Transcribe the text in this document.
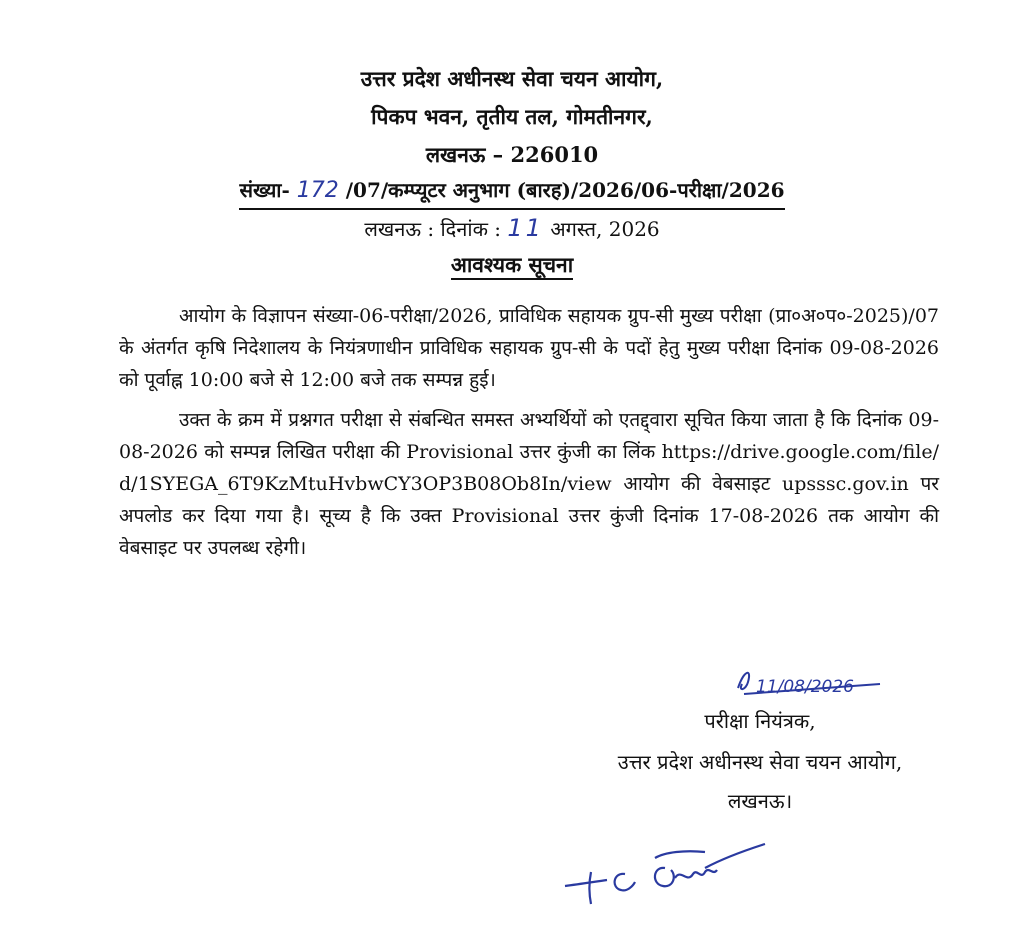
उत्तर प्रदेश अधीनस्थ सेवा चयन आयोग,
पिकप भवन, तृतीय तल, गोमतीनगर,
लखनऊ – 226010
संख्या- 172 /07/कम्प्यूटर अनुभाग (बारह)/2026/06-परीक्षा/2026
लखनऊ : दिनांक : 11 अगस्त, 2026
आवश्यक सूचना
आयोग के विज्ञापन संख्या-06-परीक्षा/2026, प्राविधिक सहायक ग्रुप-सी मुख्य परीक्षा (प्रा०अ०प०-2025)/07 के अंतर्गत कृषि निदेशालय के नियंत्रणाधीन प्राविधिक सहायक ग्रुप-सी के पदों हेतु मुख्य परीक्षा दिनांक 09-08-2026 को पूर्वाह्न 10:00 बजे से 12:00 बजे तक सम्पन्न हुई।
उक्त के क्रम में प्रश्नगत परीक्षा से संबन्धित समस्त अभ्यर्थियों को एतद्द्वारा सूचित किया जाता है कि दिनांक 09-08-2026 को सम्पन्न लिखित परीक्षा की Provisional उत्तर कुंजी का लिंक https://drive.google.com/file/d/1SYEGA_6T9KzMtuHvbwCY3OP3B08Ob8In/view आयोग की वेबसाइट upsssc.gov.in पर अपलोड कर दिया गया है। सूच्य है कि उक्त Provisional उत्तर कुंजी दिनांक 17-08-2026 तक आयोग की वेबसाइट पर उपलब्ध रहेगी।
11/08/2026
परीक्षा नियंत्रक,
उत्तर प्रदेश अधीनस्थ सेवा चयन आयोग,
लखनऊ।
